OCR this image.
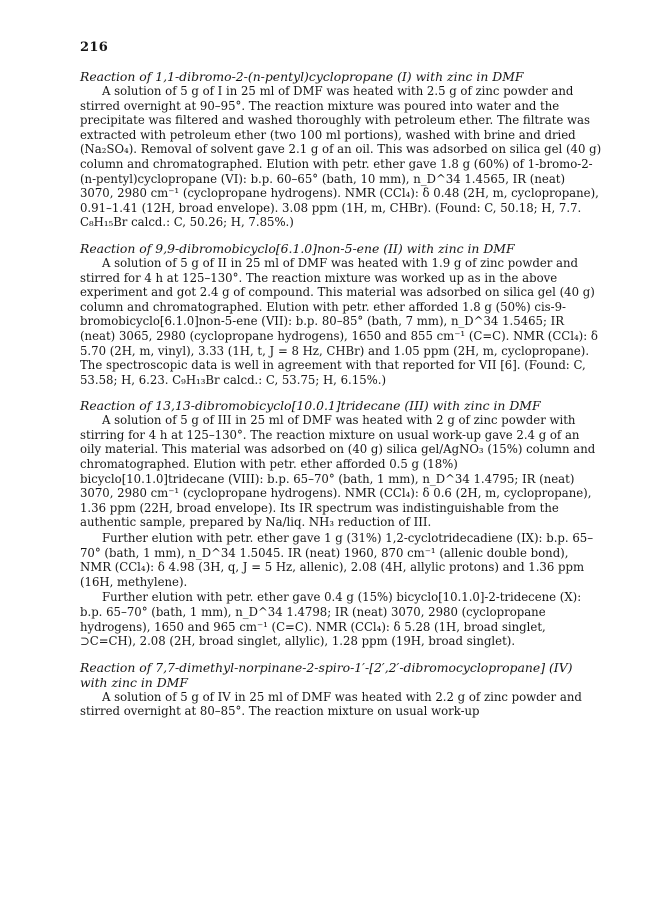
216

Reaction of 1,1-dibromo-2-(n-pentyl)cyclopropane (I) with zinc in DMF

A solution of 5 g of I in 25 ml of DMF was heated with 2.5 g of zinc powder and stirred overnight at 90–95°. The reaction mixture was poured into water and the precipitate was filtered and washed thoroughly with petroleum ether. The filtrate was extracted with petroleum ether (two 100 ml portions), washed with brine and dried (Na₂SO₄). Removal of solvent gave 2.1 g of an oil. This was adsorbed on silica gel (40 g) column and chromatographed. Elution with petr. ether gave 1.8 g (60%) of 1-bromo-2-(n-pentyl)cyclopropane (VI): b.p. 60–65° (bath, 10 mm), n_D^34 1.4565, IR (neat) 3070, 2980 cm⁻¹ (cyclopropane hydrogens). NMR (CCl₄): δ 0.48 (2H, m, cyclopropane), 0.91–1.41 (12H, broad envelope). 3.08 ppm (1H, m, CHBr). (Found: C, 50.18; H, 7.7. C₈H₁₅Br calcd.: C, 50.26; H, 7.85%.)

Reaction of 9,9-dibromobicyclo[6.1.0]non-5-ene (II) with zinc in DMF

A solution of 5 g of II in 25 ml of DMF was heated with 1.9 g of zinc powder and stirred for 4 h at 125–130°. The reaction mixture was worked up as in the above experiment and got 2.4 g of compound. This material was adsorbed on silica gel (40 g) column and chromatographed. Elution with petr. ether afforded 1.8 g (50%) cis-9-bromobicyclo[6.1.0]non-5-ene (VII): b.p. 80–85° (bath, 7 mm), n_D^34 1.5465; IR (neat) 3065, 2980 (cyclopropane hydrogens), 1650 and 855 cm⁻¹ (C=C). NMR (CCl₄): δ 5.70 (2H, m, vinyl), 3.33 (1H, t, J = 8 Hz, CHBr) and 1.05 ppm (2H, m, cyclopropane). The spectroscopic data is well in agreement with that reported for VII [6]. (Found: C, 53.58; H, 6.23. C₉H₁₃Br calcd.: C, 53.75; H, 6.15%.)

Reaction of 13,13-dibromobicyclo[10.0.1]tridecane (III) with zinc in DMF

A solution of 5 g of III in 25 ml of DMF was heated with 2 g of zinc powder with stirring for 4 h at 125–130°. The reaction mixture on usual work-up gave 2.4 g of an oily material. This material was adsorbed on (40 g) silica gel/AgNO₃ (15%) column and chromatographed. Elution with petr. ether afforded 0.5 g (18%) bicyclo[10.1.0]tridecane (VIII): b.p. 65–70° (bath, 1 mm), n_D^34 1.4795; IR (neat) 3070, 2980 cm⁻¹ (cyclopropane hydrogens). NMR (CCl₄): δ 0.6 (2H, m, cyclopropane), 1.36 ppm (22H, broad envelope). Its IR spectrum was indistinguishable from the authentic sample, prepared by Na/liq. NH₃ reduction of III.

Further elution with petr. ether gave 1 g (31%) 1,2-cyclotridecadiene (IX): b.p. 65–70° (bath, 1 mm), n_D^34 1.5045. IR (neat) 1960, 870 cm⁻¹ (allenic double bond), NMR (CCl₄): δ 4.98 (3H, q, J = 5 Hz, allenic), 2.08 (4H, allylic protons) and 1.36 ppm (16H, methylene).

Further elution with petr. ether gave 0.4 g (15%) bicyclo[10.1.0]-2-tridecene (X): b.p. 65–70° (bath, 1 mm), n_D^34 1.4798; IR (neat) 3070, 2980 (cyclopropane hydrogens), 1650 and 965 cm⁻¹ (C=C). NMR (CCl₄): δ 5.28 (1H, broad singlet, ⊃C=CH), 2.08 (2H, broad singlet, allylic), 1.28 ppm (19H, broad singlet).

Reaction of 7,7-dimethyl-norpinane-2-spiro-1′-[2′,2′-dibromocyclopropane] (IV) with zinc in DMF

A solution of 5 g of IV in 25 ml of DMF was heated with 2.2 g of zinc powder and stirred overnight at 80–85°. The reaction mixture on usual work-up
